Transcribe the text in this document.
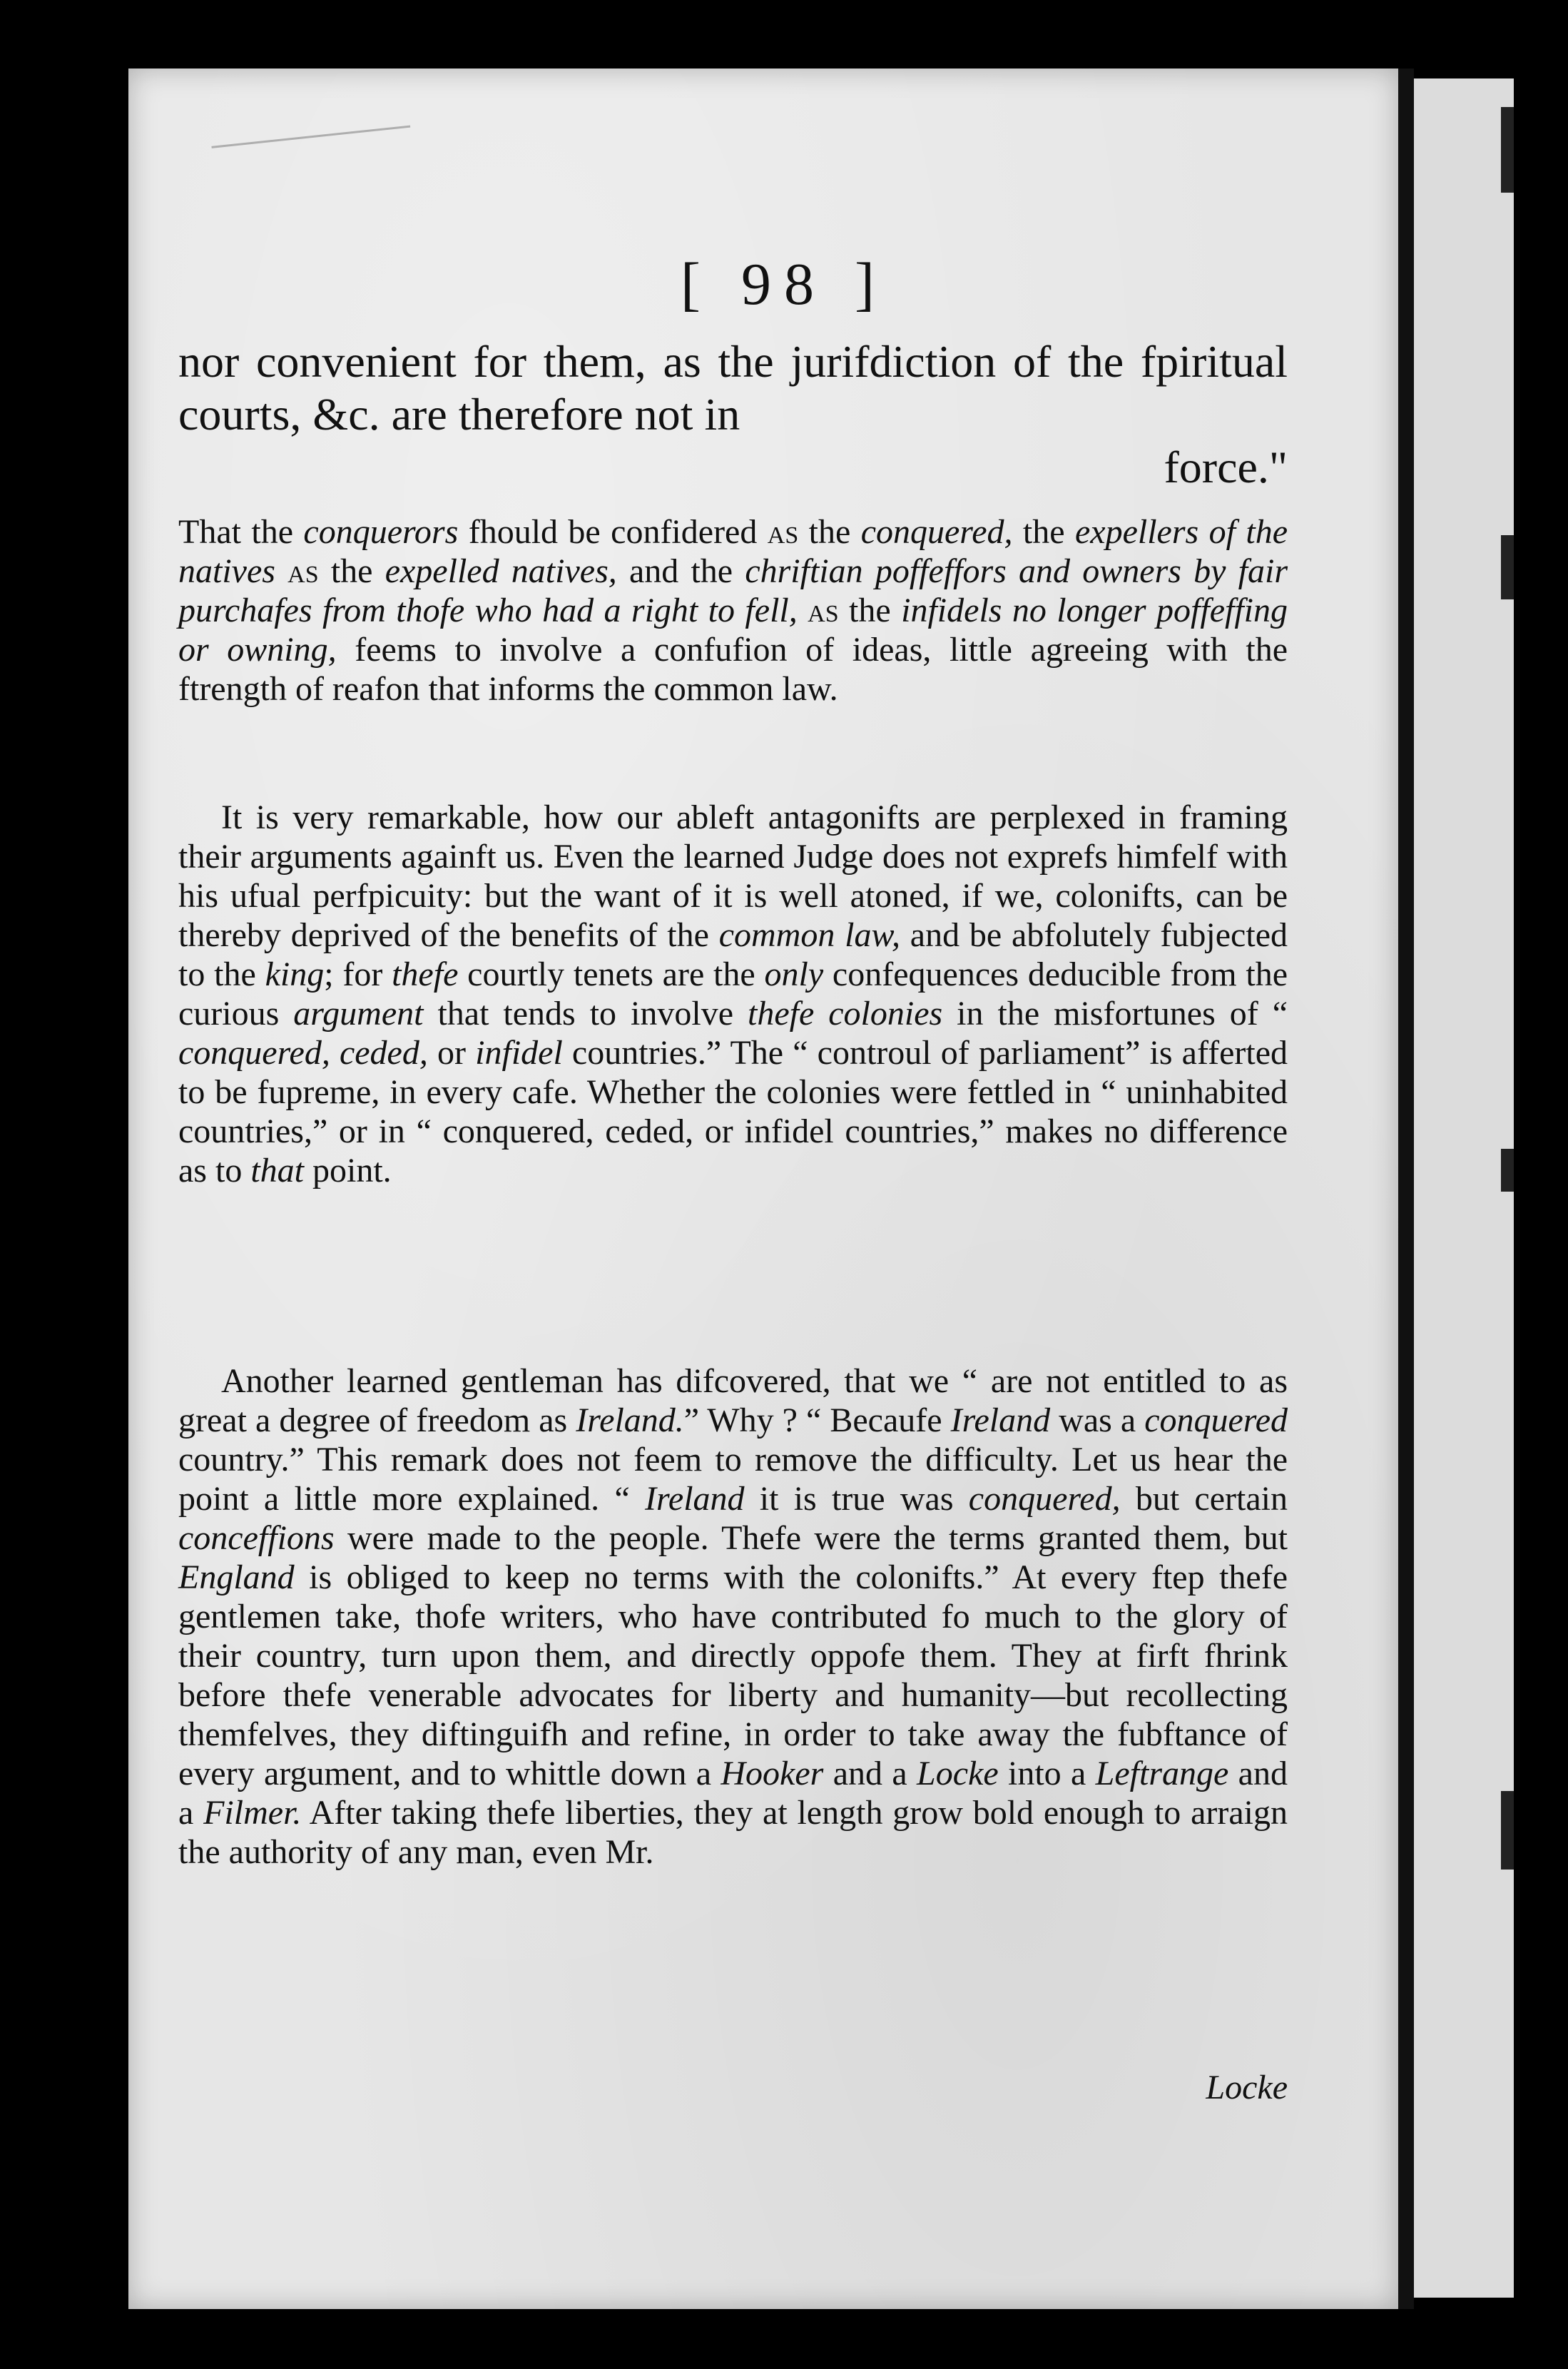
[ 98 ]
nor convenient for them, as the jurifdiction of the fpiritual courts, &c. are therefore not in
force."
That the conquerors fhould be confidered as the conquered, the expellers of the natives as the expelled natives, and the chriftian poffeffors and owners by fair purchafes from thofe who had a right to fell, as the infidels no longer poffeffing or owning, feems to involve a confufion of ideas, little agreeing with the ftrength of reafon that informs the common law.
It is very remarkable, how our ableft antagonifts are perplexed in framing their arguments againft us. Even the learned Judge does not exprefs himfelf with his ufual perfpicuity: but the want of it is well atoned, if we, colonifts, can be thereby deprived of the benefits of the common law, and be abfolutely fubjected to the king; for thefe courtly tenets are the only confequences deducible from the curious argument that tends to involve thefe colonies in the misfortunes of “ conquered, ceded, or infidel countries.” The “ controul of parliament” is afferted to be fupreme, in every cafe. Whether the colonies were fettled in “ uninhabited countries,” or in “ conquered, ceded, or infidel countries,” makes no difference as to that point.
Another learned gentleman has difcovered, that we “ are not entitled to as great a degree of freedom as Ireland.” Why ? “ Becaufe Ireland was a conquered country.” This remark does not feem to remove the difficulty. Let us hear the point a little more explained. “ Ireland it is true was conquered, but certain conceffions were made to the people. Thefe were the terms granted them, but England is obliged to keep no terms with the colonifts.” At every ftep thefe gentlemen take, thofe writers, who have contributed fo much to the glory of their country, turn upon them, and directly oppofe them. They at firft fhrink before thefe venerable advocates for liberty and humanity—but recollecting themfelves, they diftinguifh and refine, in order to take away the fubftance of every argument, and to whittle down a Hooker and a Locke into a Leftrange and a Filmer. After taking thefe liberties, they at length grow bold enough to arraign the authority of any man, even Mr.
Locke
